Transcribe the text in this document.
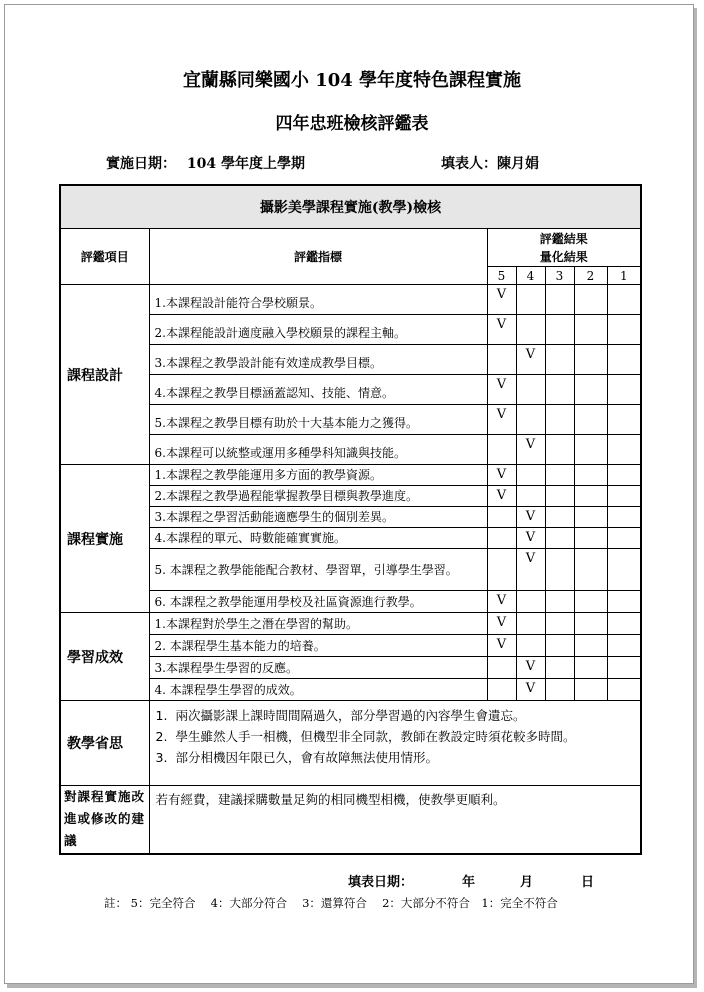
宜蘭縣同樂國小 104 學年度特色課程實施
四年忠班檢核評鑑表
實施日期： 104 學年度上學期	填表人：陳月娟
攝影美學課程實施(教學)檢核						
評鑑項目	評鑑指標	評鑑結果
量化結果				

		5	4	3	2	1
課程設計	1.本課程設計能符合學校願景。	V				

	2.本課程能設計適度融入學校願景的課程主軸。	V				

	3.本課程之教學設計能有效達成教學目標。		V			

	4.本課程之教學目標涵蓋認知、技能、情意。	V				

	5.本課程之教學目標有助於十大基本能力之獲得。	V				

	6.本課程可以統整或運用多種學科知識與技能。		V			

課程實施	1.本課程之教學能運用多方面的教學資源。	V				

	2.本課程之教學過程能掌握教學目標與教學進度。	V				

	3.本課程之學習活動能適應學生的個別差異。		V			

	4.本課程的單元、時數能確實實施。		V			

	5. 本課程之教學能能配合教材、學習單，引導學生學習。		V			

	6. 本課程之教學能運用學校及社區資源進行教學。	V				

學習成效	1.本課程對於學生之潛在學習的幫助。	V				

	2. 本課程學生基本能力的培養。	V				

	3.本課程學生學習的反應。		V			

	4. 本課程學生學習的成效。		V			

教學省思	1. 兩次攝影課上課時間間隔過久，部分學習過的內容學生會遺忘。
2. 學生雖然人手一相機，但機型非全同款，教師在教設定時須花較多時間。
3. 部分相機因年限已久，會有故障無法使用情形。					

對課程實施改進或修改的建議	若有經費，建議採購數量足夠的相同機型相機，使教學更順利。					
填表日期：	年	月	日
註： 5：完全符合　 4：大部分符合　 3：還算符合　 2：大部分不符合　1：完全不符合
